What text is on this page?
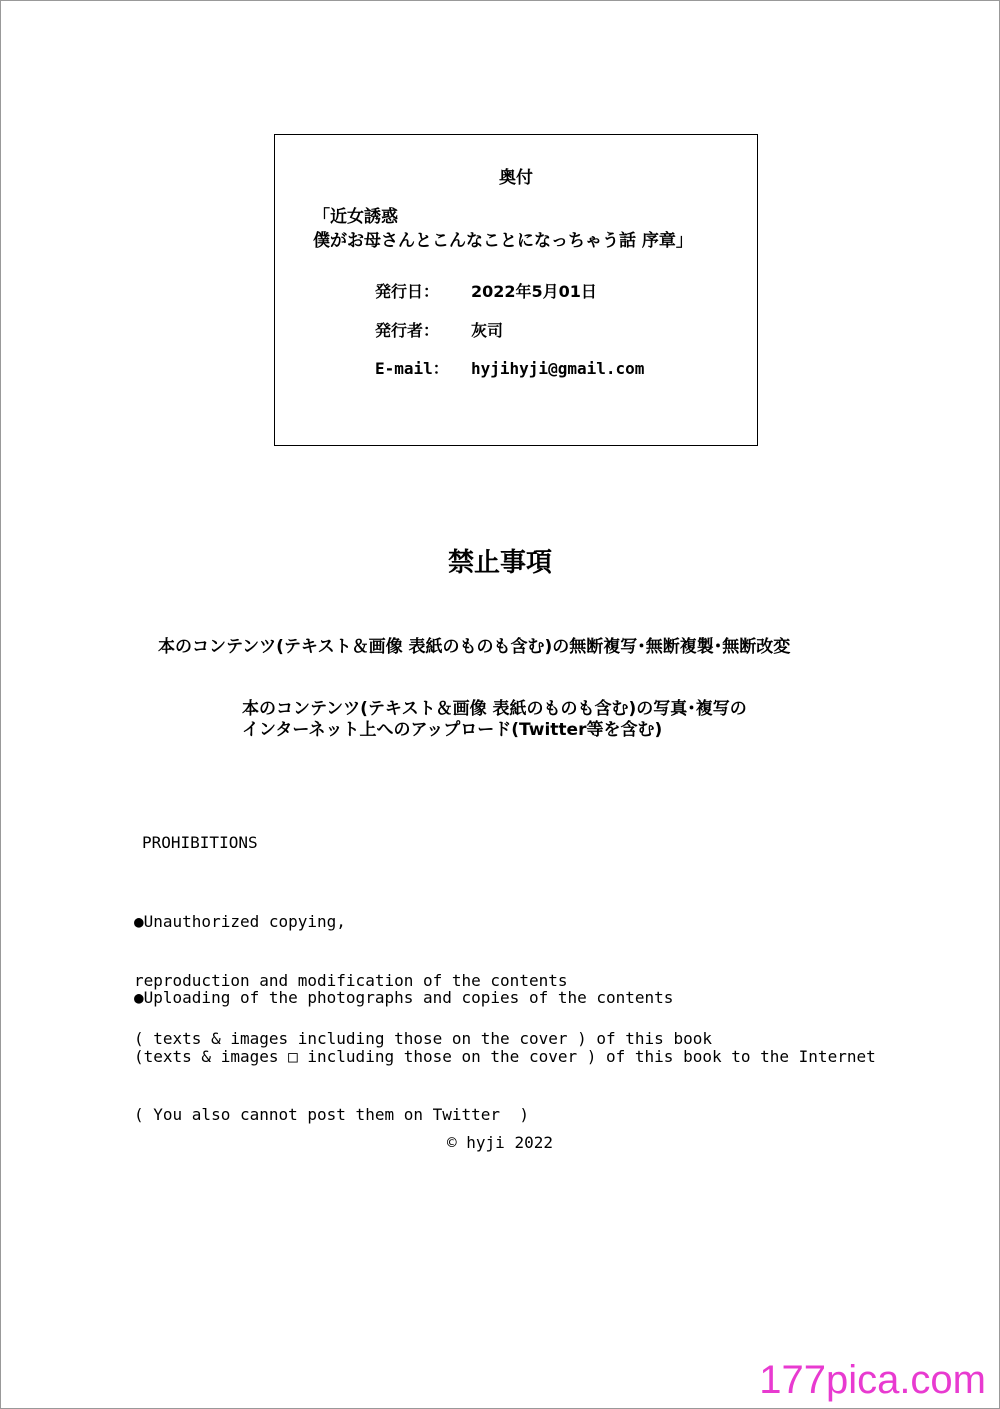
奥付
「近女誘惑
僕がお母さんとこんなことになっちゃう話 序章」
発行日： 2022年5月01日
発行者： 灰司
E-mail： hyjihyji@gmail.com
禁止事項
本のコンテンツ(テキスト＆画像 表紙のものも含む)の無断複写･無断複製･無断改変
本のコンテンツ(テキスト＆画像 表紙のものも含む)の写真･複写の
インターネット上へのアップロード(Twitter等を含む)
PROHIBITIONS

●Unauthorized copying,

reproduction and modification of the contents

( texts & images including those on the cover ) of this book

●Uploading of the photographs and copies of the contents

(texts & images □ including those on the cover ) of this book to the Internet

( You also cannot post them on Twitter  )

© hyji 2022
177pica.com
